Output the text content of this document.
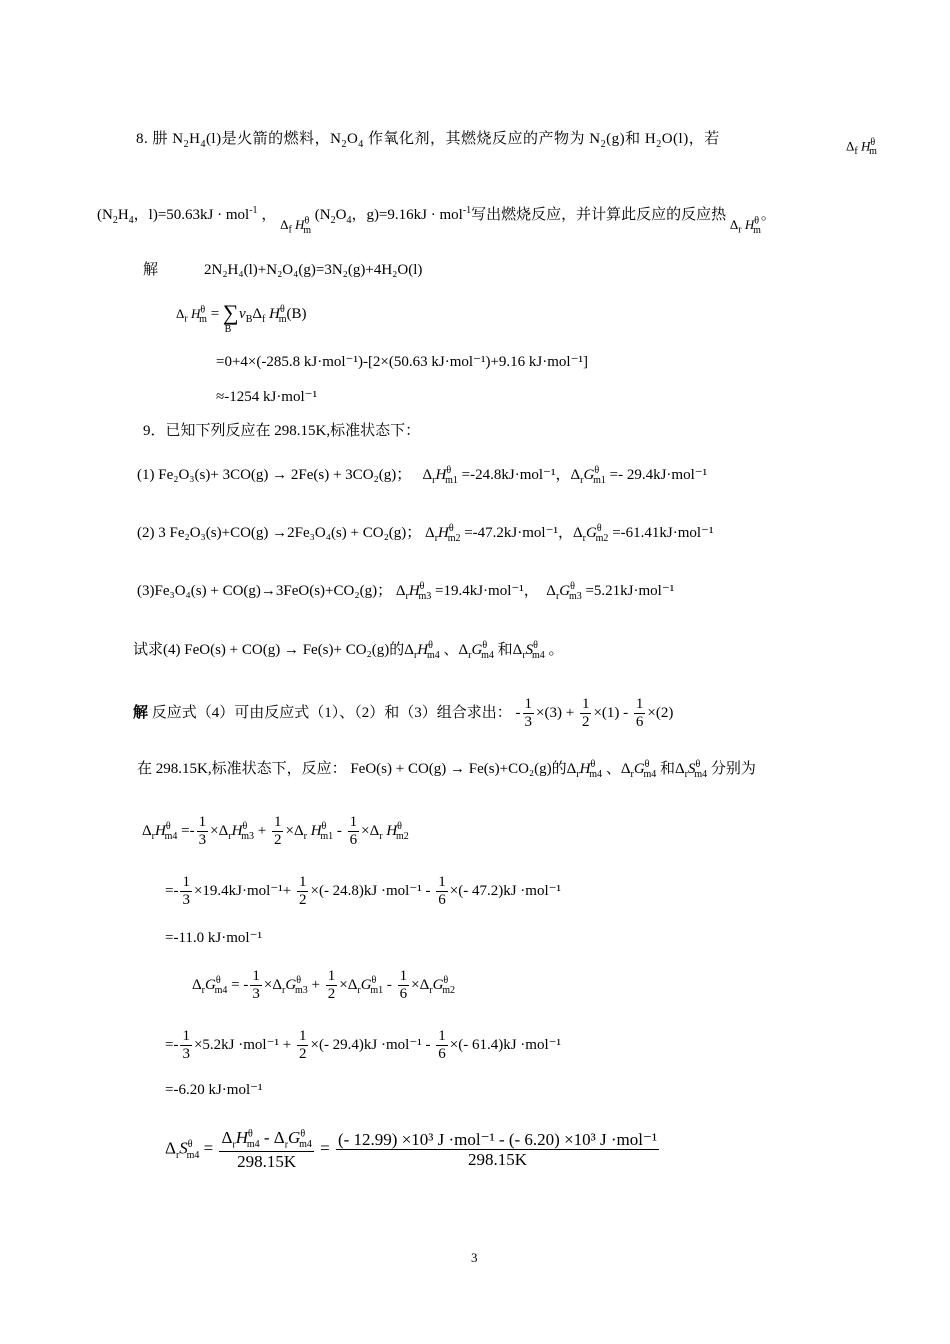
8. 肼 $N_2H_4(l)$是火箭的燃料，$N_2O_4$ 作氧化剂，其燃烧反应的产物为 $N_2(g)$和 $H_2O(l)$，若	$\Delta_f$ $H^\theta_m$
($N_2H_4$，l)=50.63kJ · mol$^{-1}$ ， $\Delta_f$ $H^\theta_m$ ($N_2O_4$，g)=9.16kJ · mol$^{-1}$写出燃烧反应，并计算此反应的反应热 $\Delta_r$ $H^\theta_m$。
解	2N₂H₄(l)+N₂O₄(g)=3N₂(g)+4H₂O(l)
$\Delta_r$ $H^\theta_m = \sum_B$ $\nu_B\Delta_f$ $H^\theta_m(B)$
=0+4×(-285.8 kJ·mol⁻¹)-[2×(50.63 kJ·mol⁻¹)+9.16 kJ·mol⁻¹]
≈-1254 kJ·mol⁻¹
9．已知下列反应在 298.15K,标准状态下：
(1) Fe₂O₃(s)+ 3CO(g) → 2Fe(s) + 3CO₂(g)；   $\Delta_rH^\theta_{m1} =-24.8kJ\cdot mol^{-1}$，$\Delta_rG^\theta_{m1} =- 29.4kJ\cdot mol^{-1}$
(2) 3 Fe₂O₃(s)+CO(g) →2Fe₃O₄(s) + CO₂(g)； $\Delta_rH^\theta_{m2} =-47.2kJ\cdot mol^{-1}$，$\Delta_rG^\theta_{m2} =-61.41kJ\cdot mol^{-1}$
(3)Fe₃O₄(s) + CO(g)→3FeO(s)+CO₂(g)； $\Delta_rH^\theta_{m3} =19.4kJ\cdot mol^{-1}$，  $\Delta_rG^\theta_{m3} =5.21kJ\cdot mol^{-1}$
试求(4) FeO(s) + CO(g) → Fe(s)+ CO₂(g)的$\Delta_rH^\theta_{m4}$ 、$\Delta_rG^\theta_{m4}$ 和$\Delta_rS^\theta_{m4}$ 。
解 反应式（4）可由反应式（1）、（2）和（3）组合求出： - $\frac{1}{3} \times(3) + \frac{1}{2} \times(1) - \frac{1}{6} \times(2)$
在 298.15K,标准状态下，反应： FeO(s) + CO(g) → Fe(s)+CO₂(g)的$\Delta_rH^\theta_{m4}$ 、$\Delta_rG^\theta_{m4}$ 和$\Delta_rS^\theta_{m4}$ 分别为
$\Delta_rH^\theta_{m4} =- \frac{1}{3} \times\Delta_rH^\theta_{m3} + \frac{1}{2} \times\Delta_r$ $H^\theta_{m1} - \frac{1}{6} \times\Delta_r$ $H^\theta_{m2}$
=- $\frac{1}{3} \times 19.4kJ\cdot mol^{-1}+ \frac{1}{2}$ ×(- $24.8)kJ \cdot mol^{-1} - \frac{1}{6}$ ×(- 47.2)kJ ·mol⁻¹
=-11.0 kJ·mol⁻¹
$\Delta_rG^\theta_{m4}$ = - $\frac{1}{3} \times\Delta_rG^\theta_{m3} + \frac{1}{2} \times\Delta_rG^\theta_{m1} - \frac{1}{6} \times\Delta_rG^\theta_{m2}$
=- $\frac{1}{3} \times 5.2kJ \cdot mol^{-1} + \frac{1}{2}$ ×(- $29.4)kJ \cdot mol^{-1} - \frac{1}{6}$ ×(- 61.4)kJ ·mol⁻¹
=-6.20 kJ·mol⁻¹
$\Delta_rS^\theta_{m4} = \frac{\Delta_rH^\theta_{m4} - \Delta_rG^\theta_{m4}}{298.15K} = \frac{\text{(- 12.99) ×10³ J ·mol⁻¹ - (- 6.20) ×10³ J ·mol⁻¹}}{298.15K}$
3
